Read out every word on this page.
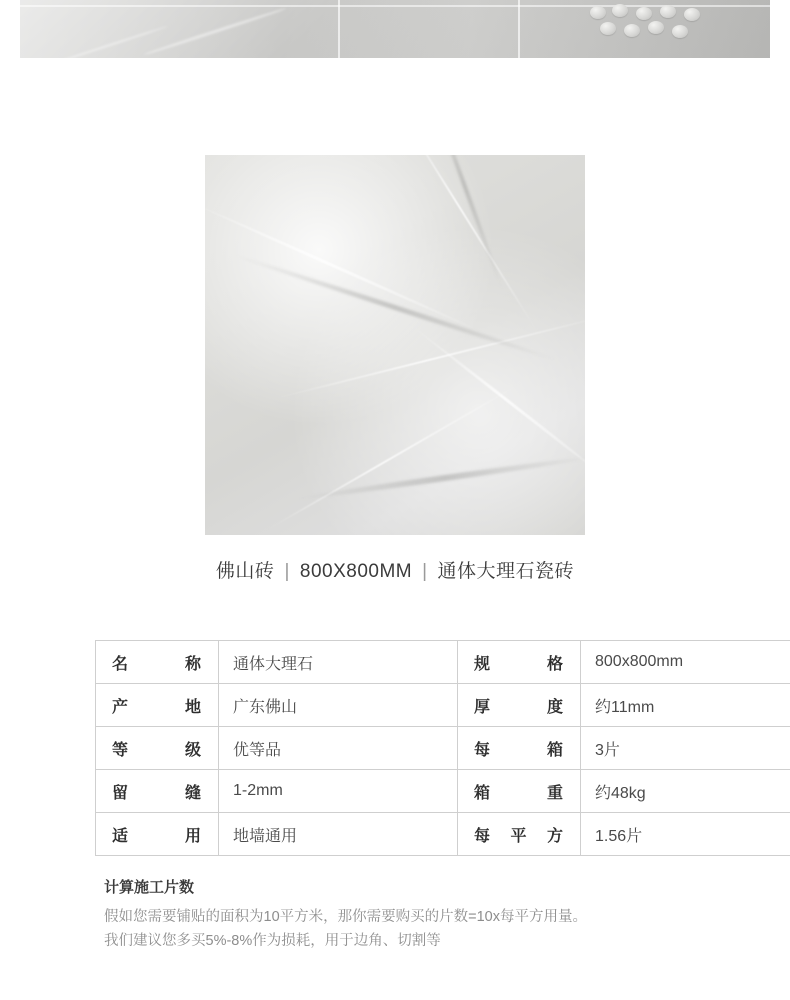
佛山砖 | 800X800MM | 通体大理石瓷砖
名　称	通体大理石	规　格	800x800mm
产　地	广东佛山	厚　度	约11mm
等　级	优等品	每　箱	3片
留　缝	1-2mm	箱　重	约48kg
适　用	地墙通用	每平方	1.56片
计算施工片数
假如您需要铺贴的面积为10平方米，那你需要购买的片数=10x每平方用量。
我们建议您多买5%-8%作为损耗，用于边角、切割等
